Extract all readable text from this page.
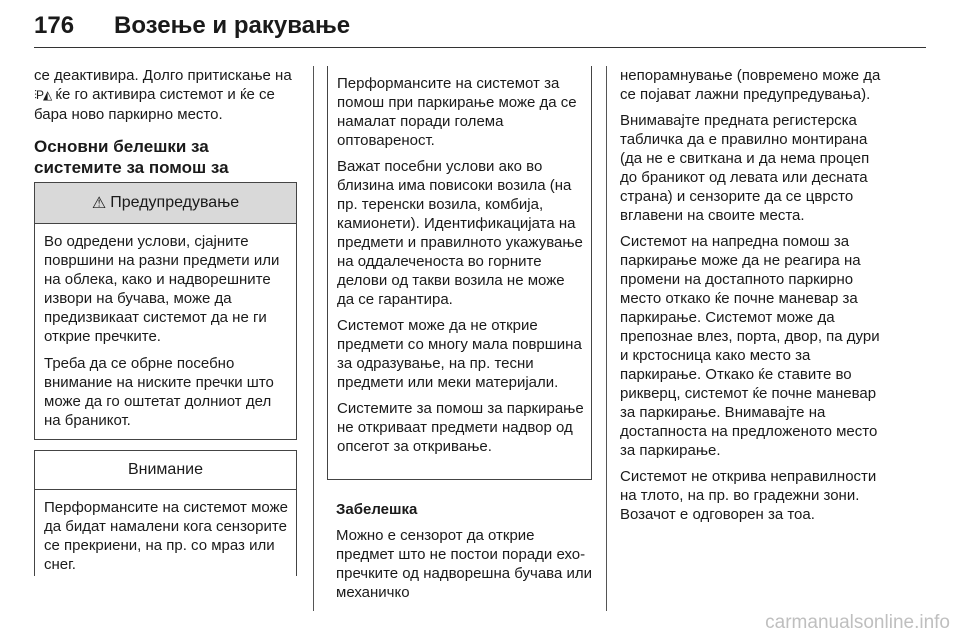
176 Возење и ракување

се деактивира. Долго притискање на ⫶P◭ ќе го активира системот и ќе се бара ново паркирно место.

Основни белешки за системите за помош за
⚠ Предупредување

Во одредени услови, сјајните површини на разни предмети или на облека, како и надворешните извори на бучава, може да предизвикаат системот да не ги открие пречките.

Треба да се обрне посебно внимание на ниските пречки што може да го оштетат долниот дел на браникот.

Внимание

Перформансите на системот може да бидат намалени кога сензорите се прекриени, на пр. со мраз или снег.

Перформансите на системот за помош при паркирање може да се намалат поради голема оптовареност.

Важат посебни услови ако во близина има повисоки возила (на пр. теренски возила, комбија, камионети). Идентификацијата на предмети и правилното укажување на оддалеченоста во горните делови од такви возила не може да се гарантира.

Системот може да не открие предмети со многу мала површина за одразување, на пр. тесни предмети или меки материјали.

Системите за помош за паркирање не откриваат предмети надвор од опсегот за откривање.

Забелешка

Можно е сензорот да открие предмет што не постои поради ехо-пречките од надворешна бучава или механичко

непорамнување (повремено може да се појават лажни предупредувања).

Внимавајте предната регистерска табличка да е правилно монтирана (да не е свиткана и да нема процеп до браникот од левата или десната страна) и сензорите да се цврсто вглавени на своите места.

Системот на напредна помош за паркирање може да не реагира на промени на достапното паркирно место откако ќе почне маневар за паркирање. Системот може да препознае влез, порта, двор, па дури и крстосница како место за паркирање. Откако ќе ставите во рикверц, системот ќе почне маневар за паркирање. Внимавајте на достапноста на предложеното место за паркирање.

Системот не открива неправилности на тлото, на пр. во градежни зони. Возачот е одговорен за тоа.

carmanualsonline.info
